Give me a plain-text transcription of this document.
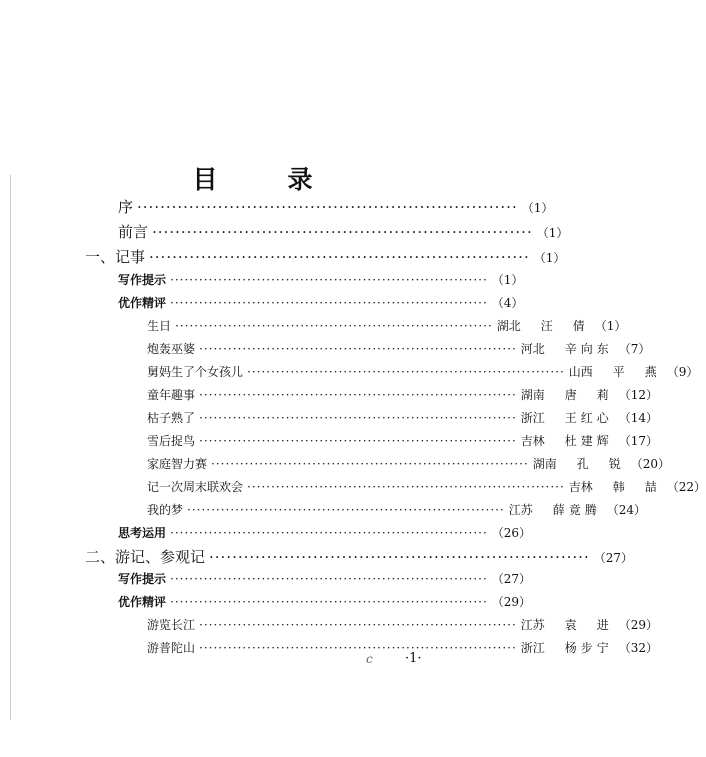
目	录
序 ·································································· （1）
前言 ·································································· （1）
一、记事 ·································································· （1）
写作提示 ·································································· （1）
优作精评 ·································································· （4）
生日 ·································································· 湖北	汪　倩 （1）
炮轰巫婆 ·································································· 河北	辛向东 （7）
舅妈生了个女孩儿 ·································································· 山西	平　燕 （9）
童年趣事 ·································································· 湖南	唐　莉 （12）
枯子熟了 ·································································· 浙江	王红心 （14）
雪后捉鸟 ·································································· 吉林	杜建辉 （17）
家庭智力赛 ·································································· 湖南	孔　锐 （20）
记一次周末联欢会 ·································································· 吉林	韩　喆 （22）
我的梦 ·································································· 江苏	薛竟腾 （24）
思考运用 ·································································· （26）
二、游记、参观记 ·································································· （27）
写作提示 ·································································· （27）
优作精评 ·································································· （29）
游览长江 ·································································· 江苏	袁　进 （29）
游普陀山 ·································································· 浙江	杨步宁 （32）
c ·1·
